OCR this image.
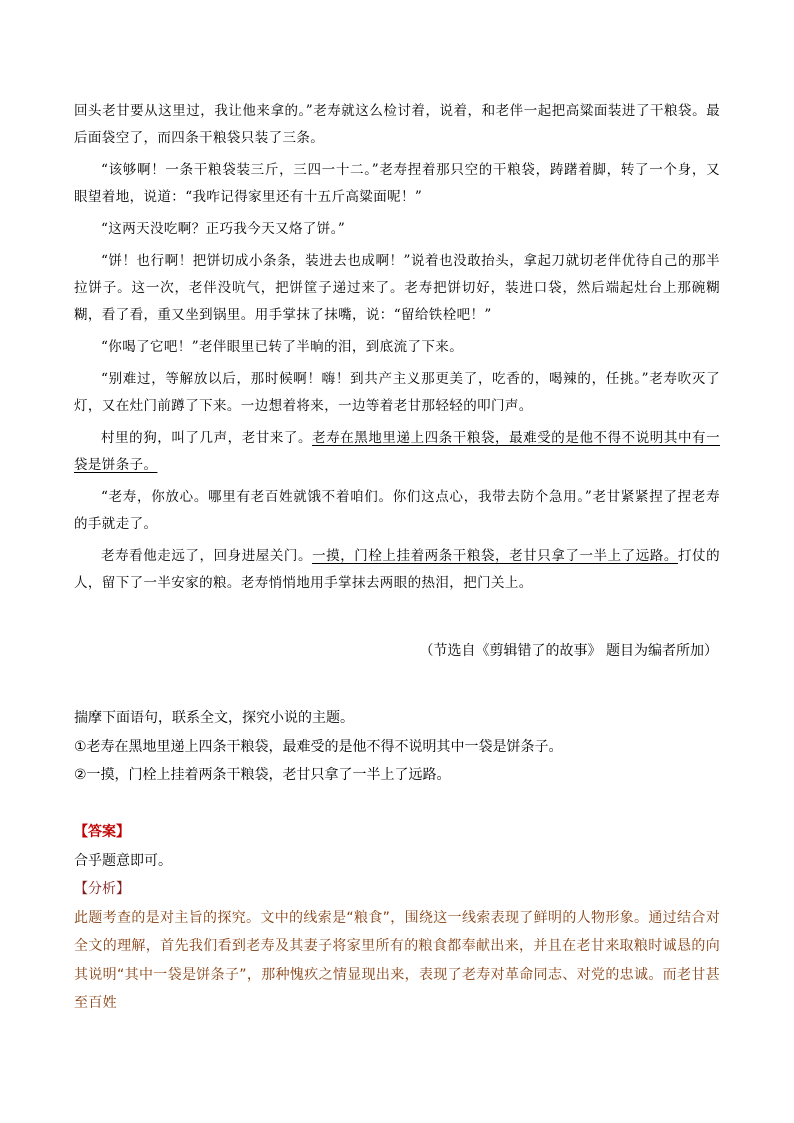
回头老甘要从这里过，我让他来拿的。”老寿就这么检讨着，说着，和老伴一起把高粱面装进了干粮袋。最后面袋空了，而四条干粮袋只装了三条。

“该够啊！一条干粮袋装三斤，三四一十二。”老寿捏着那只空的干粮袋，踌躇着脚，转了一个身，又眼望着地，说道：“我咋记得家里还有十五斤高粱面呢！”

“这两天没吃啊？正巧我今天又烙了饼。”

“饼！也行啊！把饼切成小条条，装进去也成啊！”说着也没敢抬头，拿起刀就切老伴优待自己的那半拉饼子。这一次，老伴没吭气，把饼筐子递过来了。老寿把饼切好，装进口袋，然后端起灶台上那碗糊糊，看了看，重又坐到锅里。用手掌抹了抹嘴，说：“留给铁栓吧！”

“你喝了它吧！”老伴眼里已转了半晌的泪，到底流了下来。

“别难过，等解放以后，那时候啊！嗨！到共产主义那更美了，吃香的，喝辣的，任挑。”老寿吹灭了灯，又在灶门前蹲了下来。一边想着将来，一边等着老甘那轻轻的叩门声。

村里的狗，叫了几声，老甘来了。老寿在黑地里递上四条干粮袋，最难受的是他不得不说明其中有一袋是饼条子。

“老寿，你放心。哪里有老百姓就饿不着咱们。你们这点心，我带去防个急用。”老甘紧紧捏了捏老寿的手就走了。

老寿看他走远了，回身进屋关门。一摸，门栓上挂着两条干粮袋，老甘只拿了一半上了远路。打仗的人，留下了一半安家的粮。老寿悄悄地用手掌抹去两眼的热泪，把门关上。

（节选自《剪辑错了的故事》 题目为编者所加）

揣摩下面语句，联系全文，探究小说的主题。

①老寿在黑地里递上四条干粮袋，最难受的是他不得不说明其中一袋是饼条子。

②一摸，门栓上挂着两条干粮袋，老甘只拿了一半上了远路。

【答案】

合乎题意即可。

【分析】

此题考查的是对主旨的探究。文中的线索是“粮食”，围绕这一线索表现了鲜明的人物形象。通过结合对全文的理解，首先我们看到老寿及其妻子将家里所有的粮食都奉献出来，并且在老甘来取粮时诚恳的向其说明“其中一袋是饼条子”，那种愧疚之情显现出来，表现了老寿对革命同志、对党的忠诚。而老甘甚至百姓
